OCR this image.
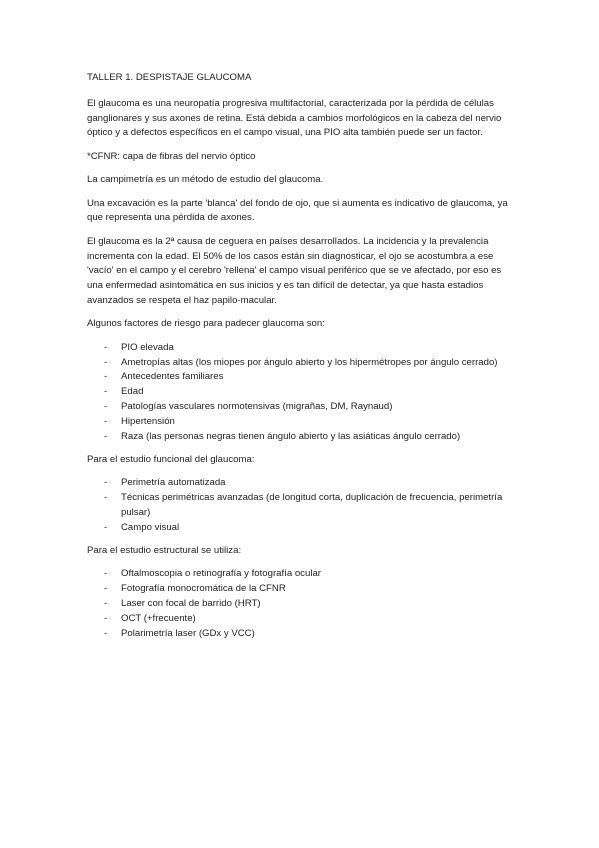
TALLER 1. DESPISTAJE GLAUCOMA

El glaucoma es una neuropatía progresiva multifactorial, caracterizada por la pérdida de células ganglionares y sus axones de retina. Está debida a cambios morfológicos en la cabeza del nervio óptico y a defectos específicos en el campo visual, una PIO alta también puede ser un factor.

*CFNR: capa de fibras del nervio óptico

La campimetría es un método de estudio del glaucoma.

Una excavación es la parte 'blanca' del fondo de ojo, que si aumenta es indicativo de glaucoma, ya que representa una pérdida de axones.

El glaucoma es la 2ª causa de ceguera en países desarrollados. La incidencia y la prevalencia incrementa con la edad. El 50% de los casos están sin diagnosticar, el ojo se acostumbra a ese 'vacío' en el campo y el cerebro 'rellena' el campo visual periférico que se ve afectado, por eso es una enfermedad asintomática en sus inicios y es tan difícil de detectar, ya que hasta estadios avanzados se respeta el haz papilo-macular.

Algunos factores de riesgo para padecer glaucoma son:

- PIO elevada
- Ametropías altas (los miopes por ángulo abierto y los hipermétropes por ángulo cerrado)
- Antecedentes familiares
- Edad
- Patologías vasculares normotensivas (migrañas, DM, Raynaud)
- Hipertensión
- Raza (las personas negras tienen ángulo abierto y las asiáticas ángulo cerrado)

Para el estudio funcional del glaucoma:

- Perimetría automatizada
- Técnicas perimétricas avanzadas (de longitud corta, duplicación de frecuencia, perimetría pulsar)
- Campo visual

Para el estudio estructural se utiliza:

- Oftalmoscopia o retinografía y fotografía ocular
- Fotografía monocromática de la CFNR
- Laser con focal de barrido (HRT)
- OCT (+frecuente)
- Polarimetría laser (GDx y VCC)
